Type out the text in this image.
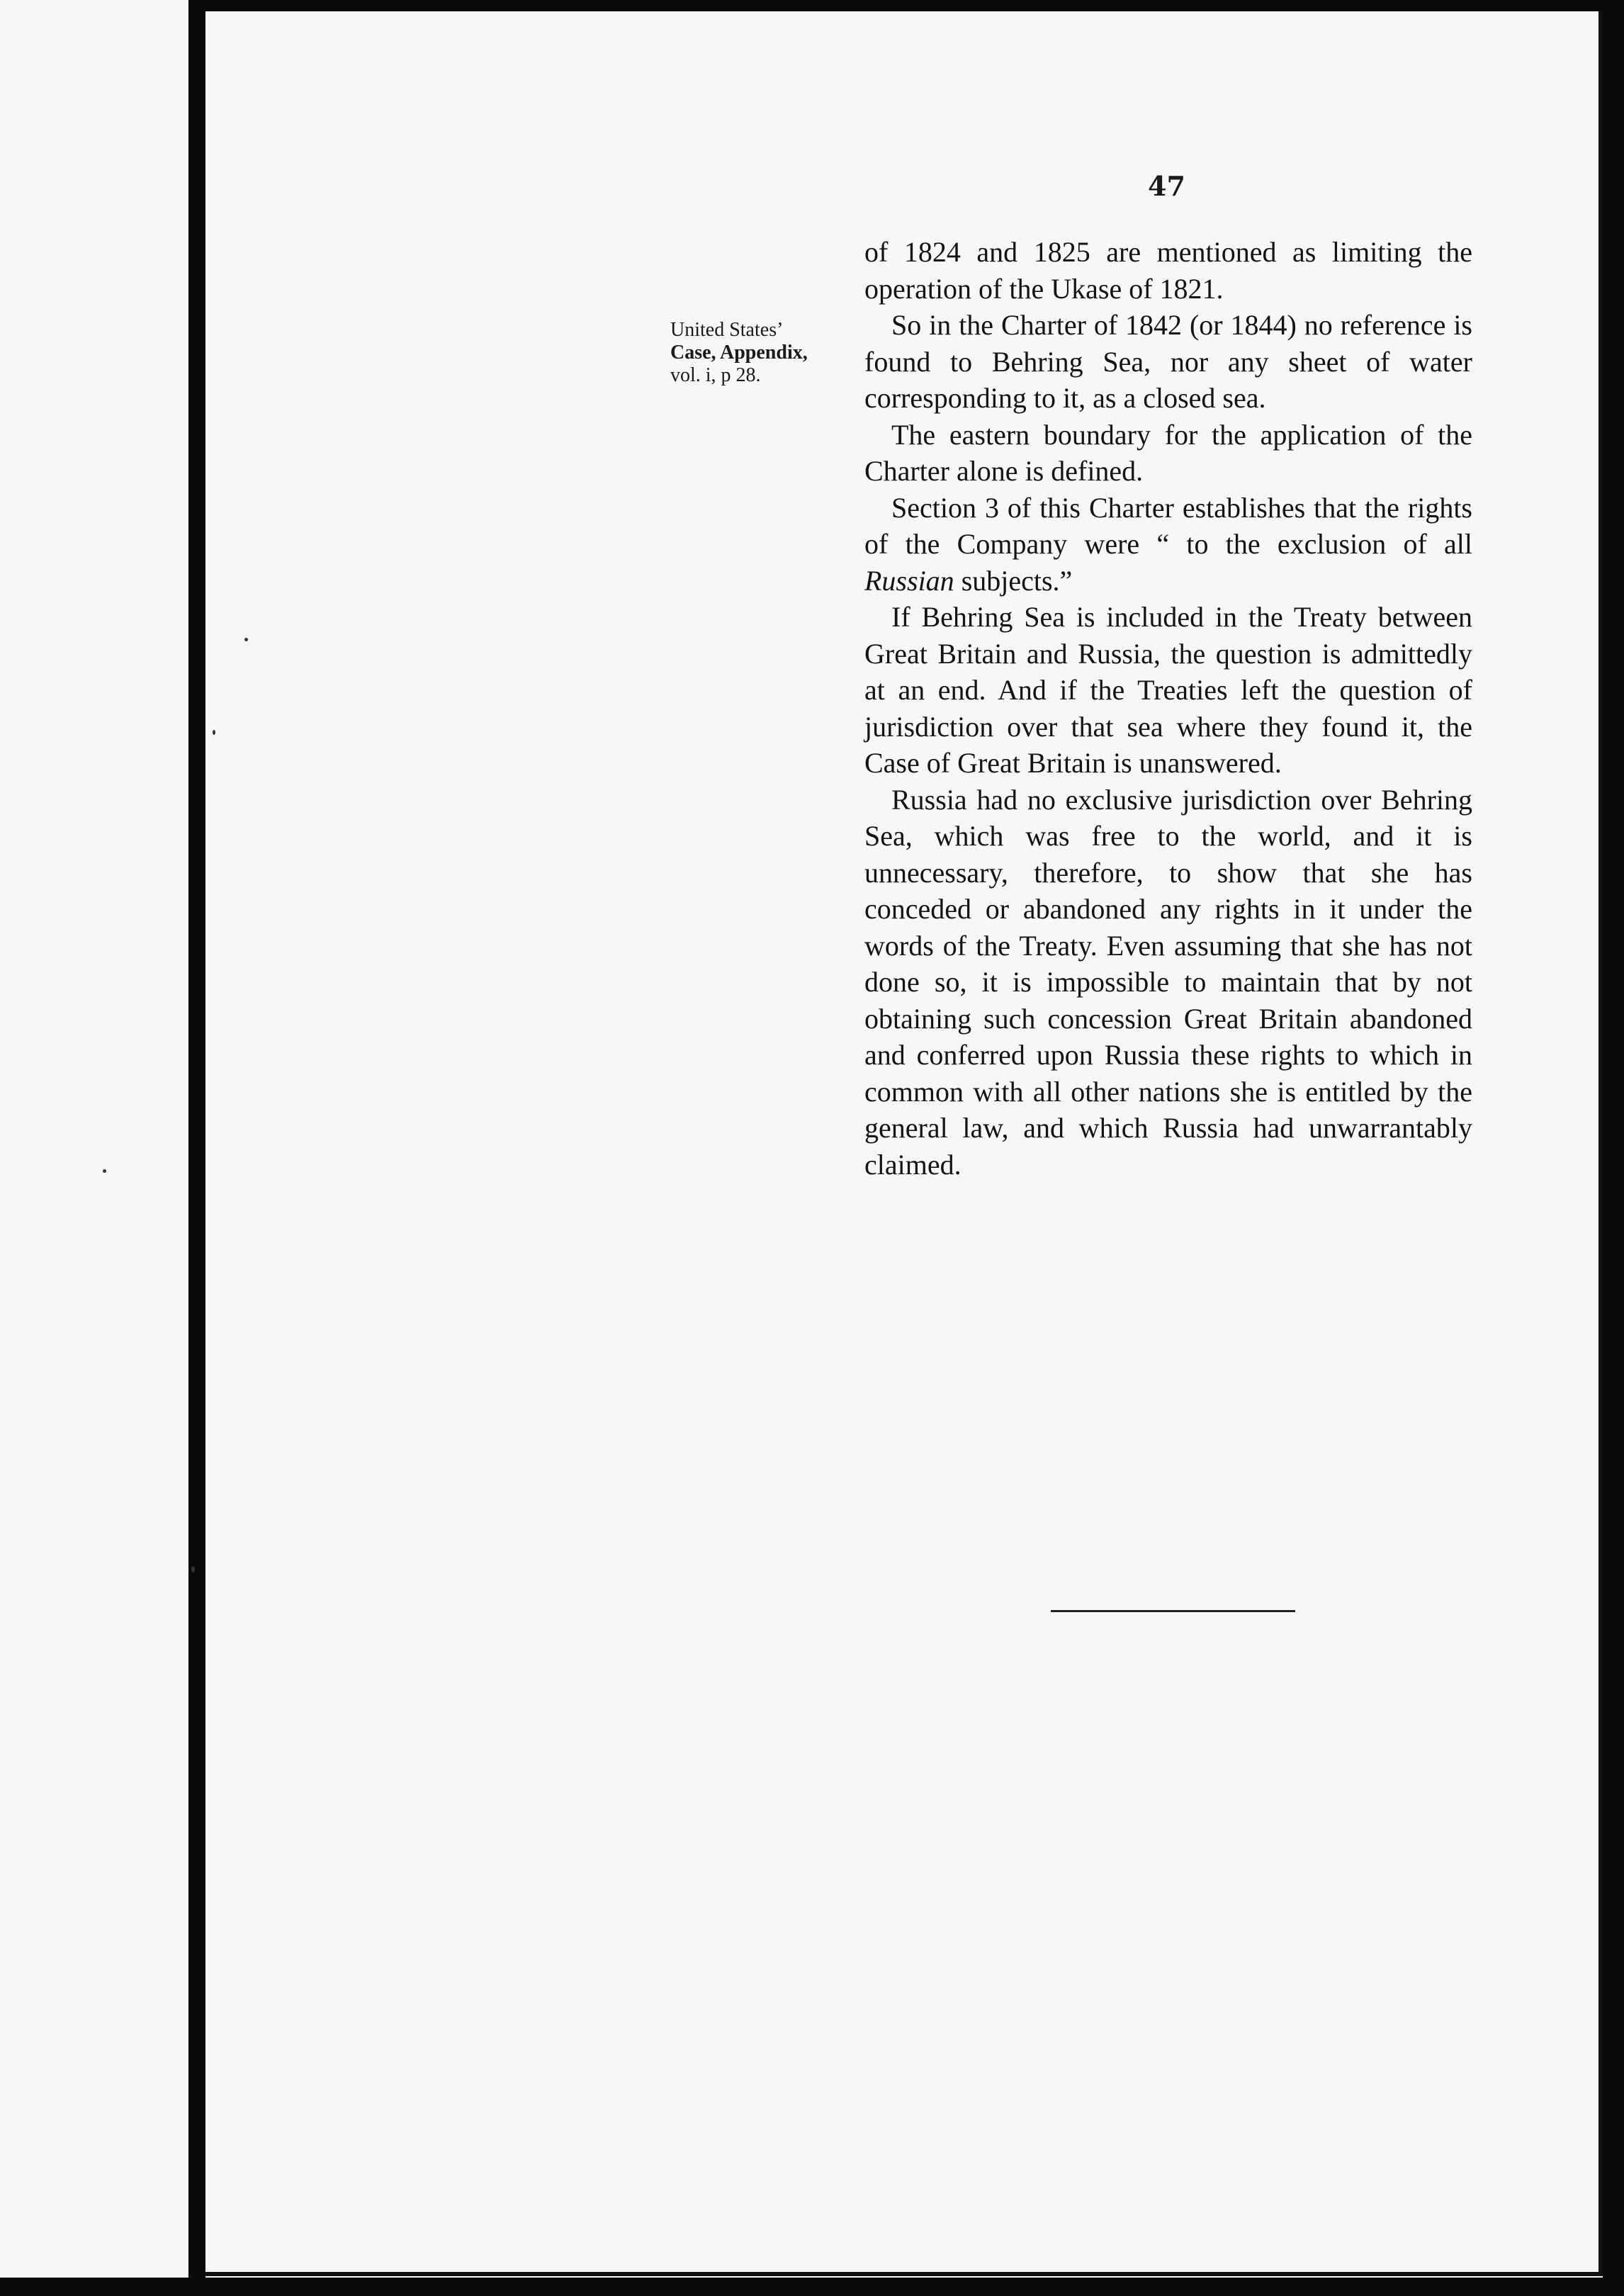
47
United States’
Case, Appendix,
vol. i, p 28.

of 1824 and 1825 are mentioned as limiting the operation of the Ukase of 1821.

So in the Charter of 1842 (or 1844) no reference is found to Behring Sea, nor any sheet of water corresponding to it, as a closed sea.

The eastern boundary for the application of the Charter alone is defined.

Section 3 of this Charter establishes that the rights of the Company were “ to the exclusion of all Russian subjects.”

If Behring Sea is included in the Treaty between Great Britain and Russia, the question is admittedly at an end. And if the Treaties left the question of jurisdiction over that sea where they found it, the Case of Great Britain is unanswered.

Russia had no exclusive jurisdiction over Behring Sea, which was free to the world, and it is unnecessary, therefore, to show that she has conceded or abandoned any rights in it under the words of the Treaty. Even assuming that she has not done so, it is impossible to maintain that by not obtaining such concession Great Britain abandoned and conferred upon Russia these rights to which in common with all other nations she is entitled by the general law, and which Russia had unwarrantably claimed.
